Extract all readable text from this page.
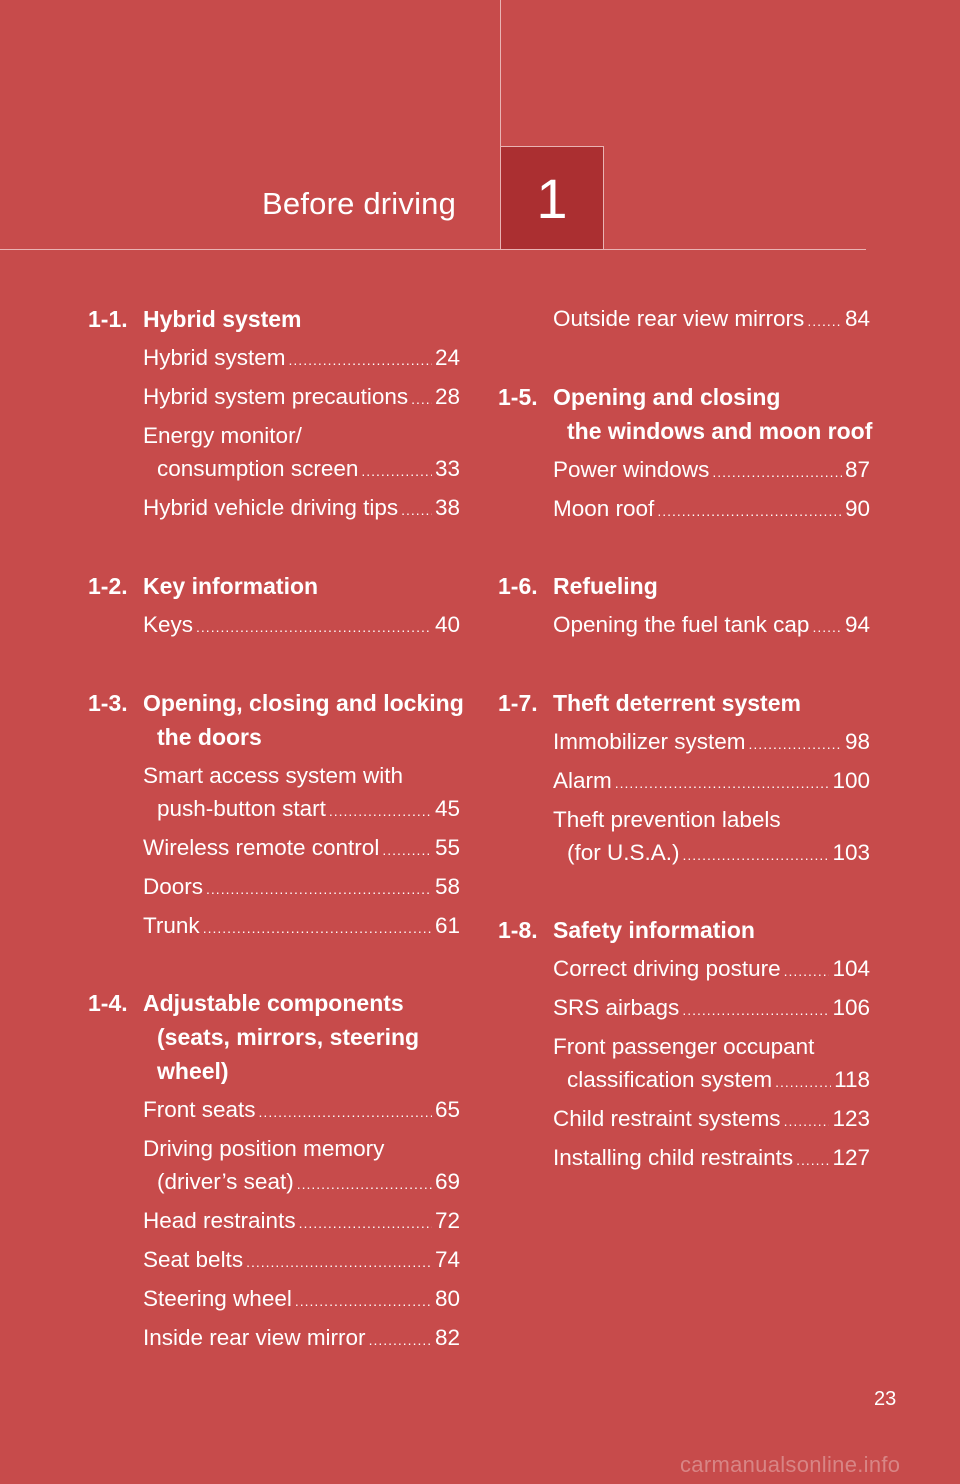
Before driving	1
1-1. Hybrid system
Hybrid system .....	24
Hybrid system precautions ..... 28
Energy monitor/
consumption screen .....	33
Hybrid vehicle driving tips ..... 38
1-2. Key information
Keys .....	40
1-3. Opening, closing and locking
the doors
Smart access system with
push-button start .....	45
Wireless remote control ..... 55
Doors .....	58
Trunk .....	61
1-4. Adjustable components
(seats, mirrors, steering
wheel)
Front seats .....	65
Driving position memory
(driver’s seat) .....	69
Head restraints .....	72
Seat belts .....	74
Steering wheel .....	80
Inside rear view mirror .....	82
Outside rear view mirrors ..... 84
1-5. Opening and closing
the windows and moon roof
Power windows .....	87
Moon roof .....	90
1-6. Refueling
Opening the fuel tank cap ..... 94
1-7. Theft deterrent system
Immobilizer system .....	98
Alarm .....	100
Theft prevention labels
(for U.S.A.) .....	103
1-8. Safety information
Correct driving posture ..... 104
SRS airbags .....	106
Front passenger occupant
classification system .....	118
Child restraint systems ..... 123
Installing child restraints ..... 127
23
carmanualsonline.info
